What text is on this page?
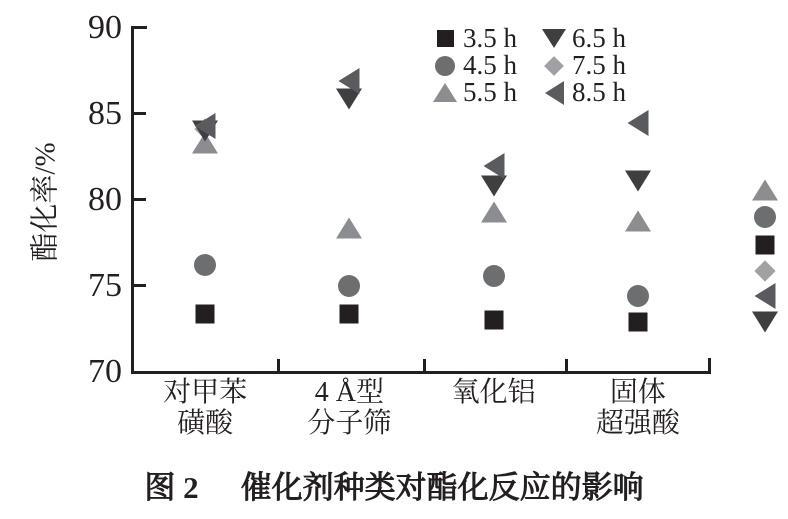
酯化率/%
90
85
80
75
70
对甲苯
磺酸
4 Å型
分子筛
氧化铝	固体
超强酸
3.5 h
4.5 h
5.5 h
6.5 h
7.5 h
8.5 h
图 2 催化剂种类对酯化反应的影响
